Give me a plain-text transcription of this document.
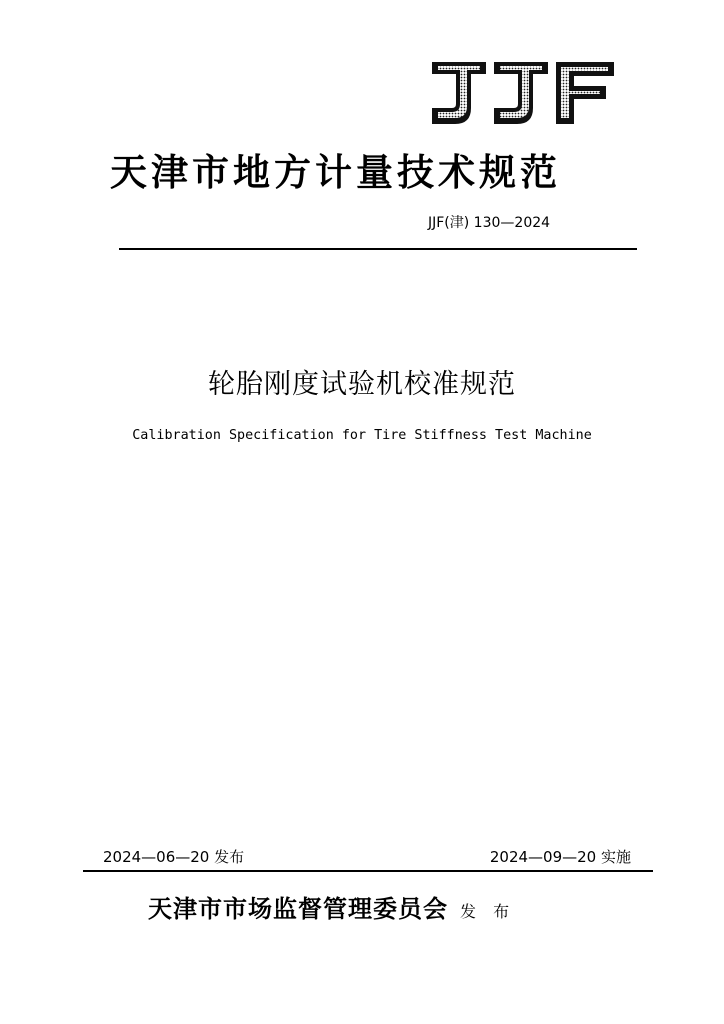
天津市地方计量技术规范
JJF(津) 130—2024
轮胎刚度试验机校准规范
Calibration Specification for Tire Stiffness Test Machine
2024—06—20 发布	2024—09—20 实施
天津市市场监督管理委员会 发 布
